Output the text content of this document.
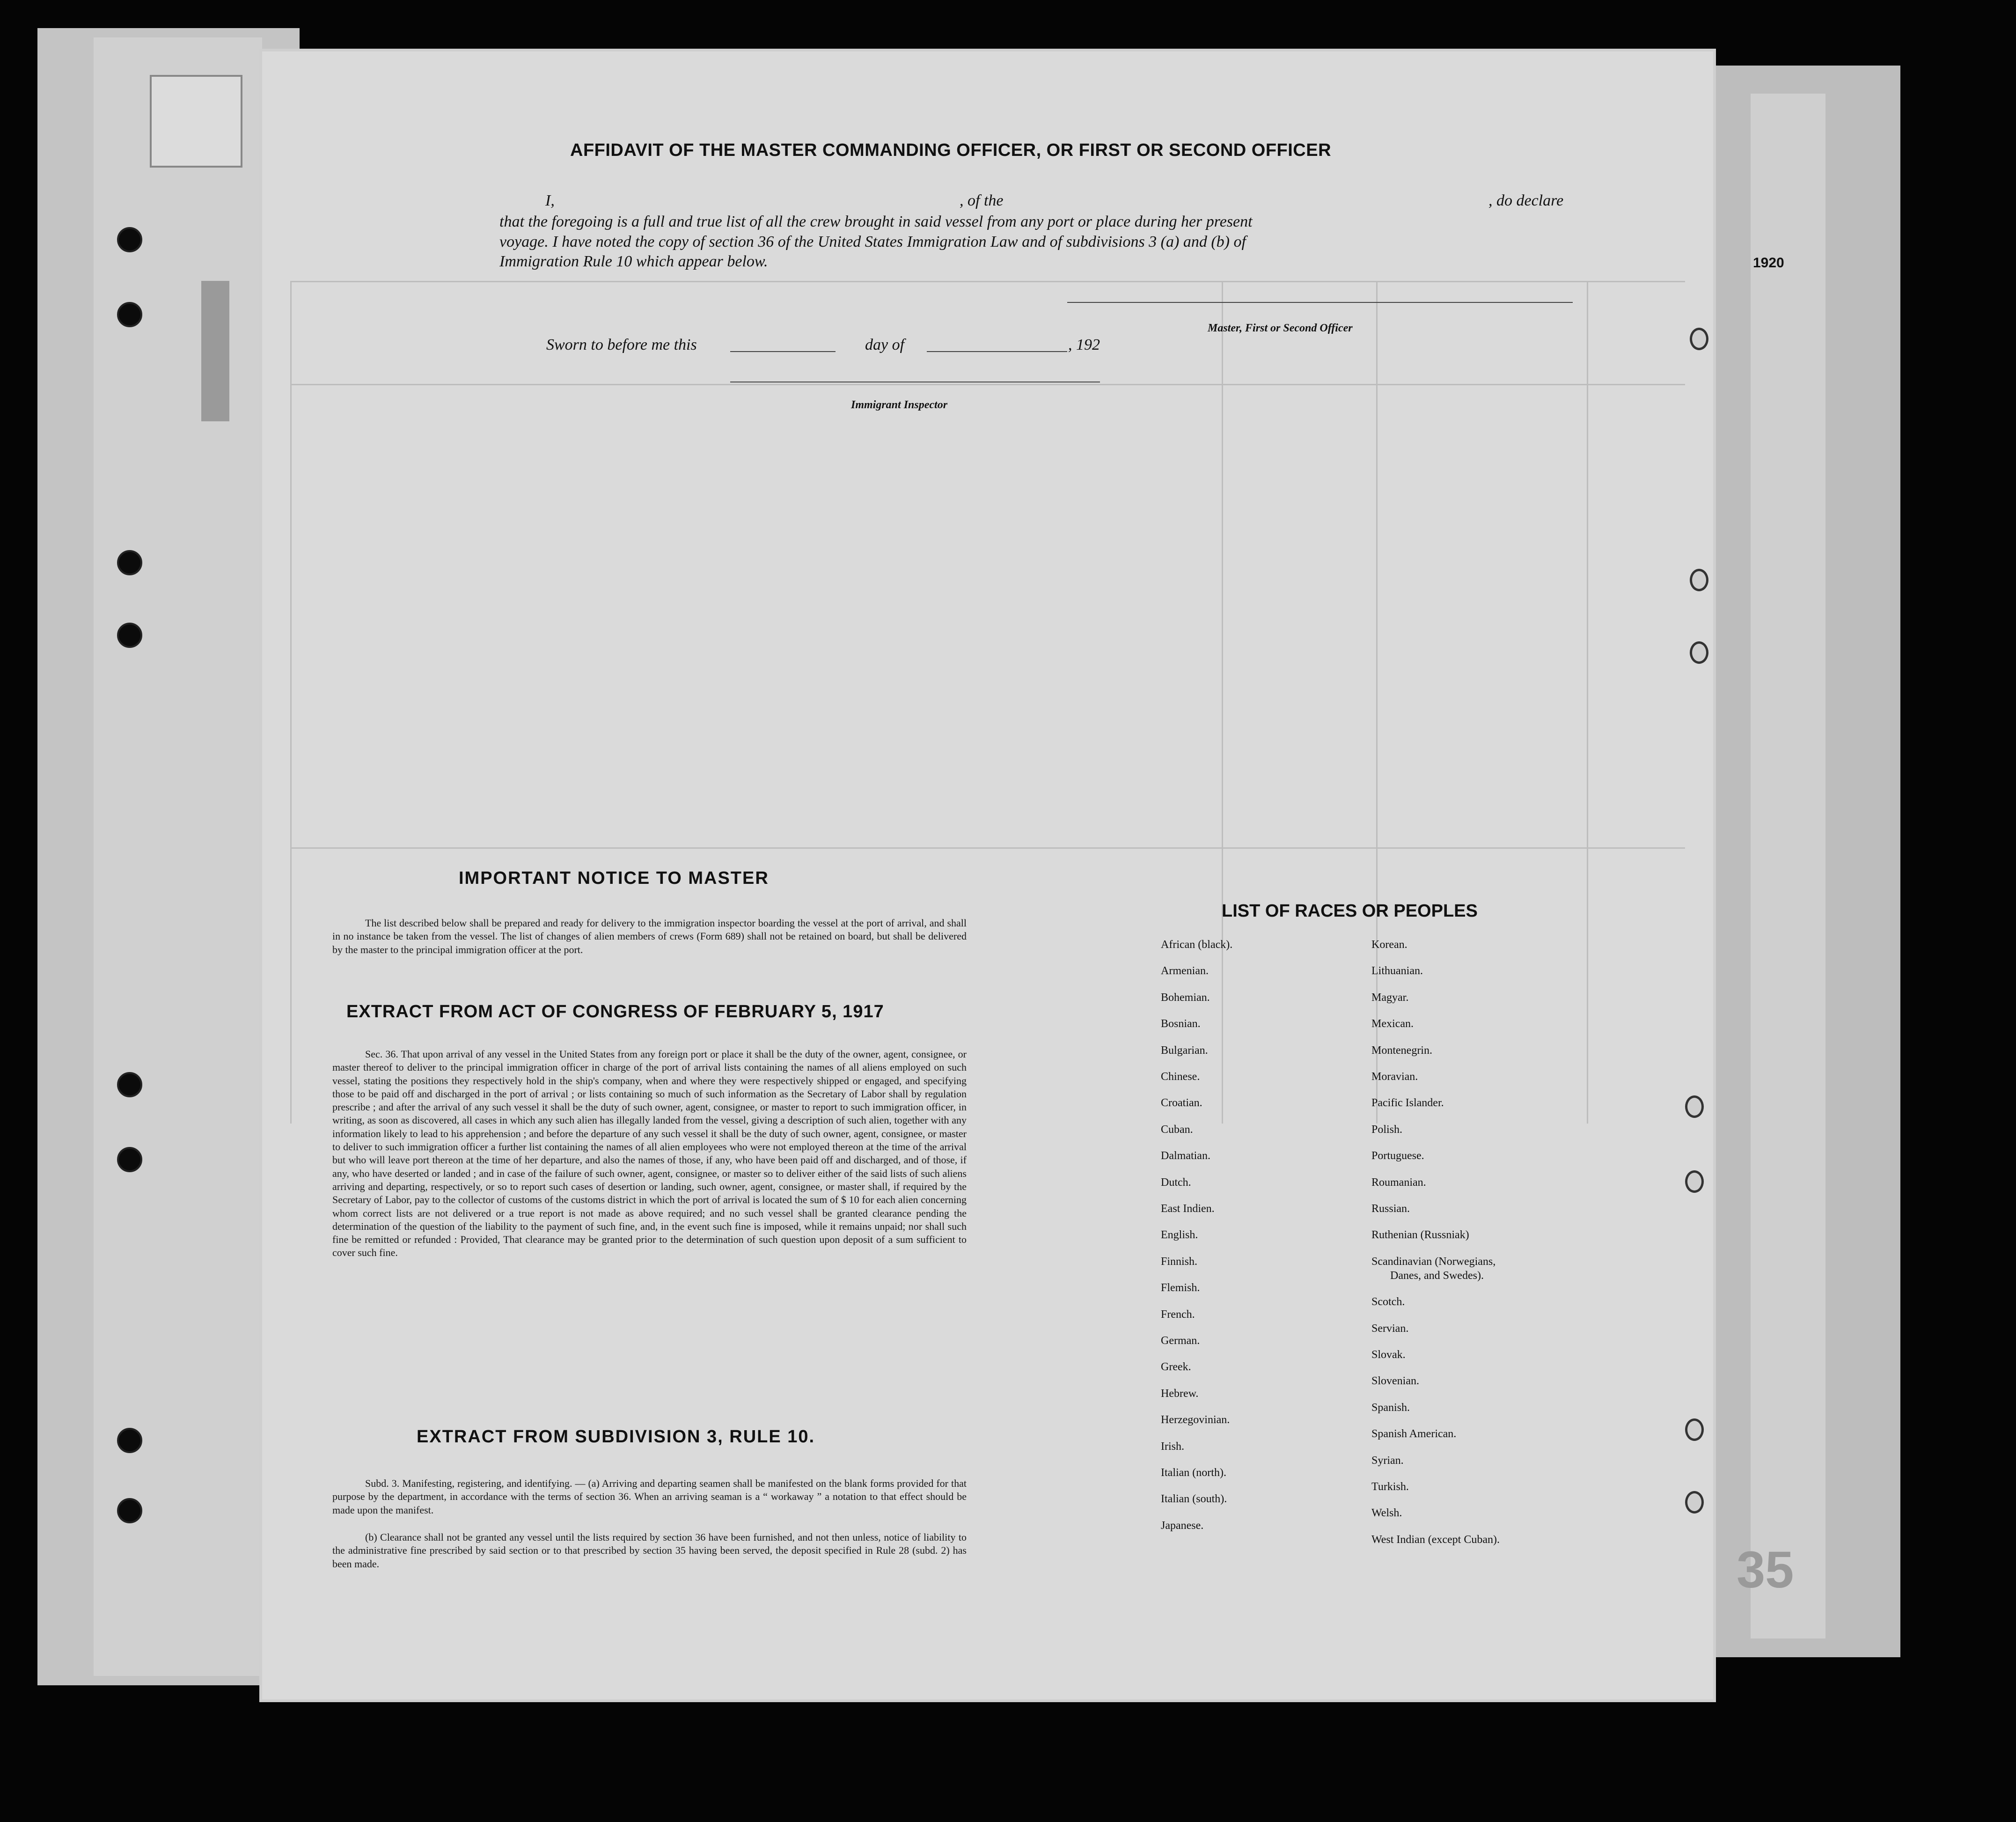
AFFIDAVIT OF THE MASTER COMMANDING OFFICER, OR FIRST OR SECOND OFFICER
I,	, of the	, do declare
that the foregoing is a full and true list of all the crew brought in said vessel from any port or place during her present
voyage. I have noted the copy of section 36 of the United States Immigration Law and of subdivisions 3 (a) and (b) of
Immigration Rule 10 which appear below.
Master, First or Second Officer
Sworn to before me this	day of	, 192
Immigrant Inspector
IMPORTANT NOTICE TO MASTER
The list described below shall be prepared and ready for delivery to the immigration inspector boarding the vessel at the port of arrival, and shall in no instance be taken from the vessel. The list of changes of alien members of crews (Form 689) shall not be retained on board, but shall be delivered by the master to the principal immigration officer at the port.
EXTRACT FROM ACT OF CONGRESS OF FEBRUARY 5, 1917
Sec. 36. That upon arrival of any vessel in the United States from any foreign port or place it shall be the duty of the owner, agent, consignee, or master thereof to deliver to the principal immigration officer in charge of the port of arrival lists containing the names of all aliens employed on such vessel, stating the positions they respectively hold in the ship's company, when and where they were respectively shipped or engaged, and specifying those to be paid off and discharged in the port of arrival ; or lists containing so much of such information as the Secretary of Labor shall by regulation prescribe ; and after the arrival of any such vessel it shall be the duty of such owner, agent, consignee, or master to report to such immigration officer, in writing, as soon as discovered, all cases in which any such alien has illegally landed from the vessel, giving a description of such alien, together with any information likely to lead to his apprehension ; and before the departure of any such vessel it shall be the duty of such owner, agent, consignee, or master to deliver to such immigration officer a further list containing the names of all alien employees who were not employed thereon at the time of the arrival but who will leave port thereon at the time of her departure, and also the names of those, if any, who have been paid off and discharged, and of those, if any, who have deserted or landed ; and in case of the failure of such owner, agent, consignee, or master so to deliver either of the said lists of such aliens arriving and departing, respectively, or so to report such cases of desertion or landing, such owner, agent, consignee, or master shall, if required by the Secretary of Labor, pay to the collector of customs of the customs district in which the port of arrival is located the sum of $ 10 for each alien concerning whom correct lists are not delivered or a true report is not made as above required; and no such vessel shall be granted clearance pending the determination of the question of the liability to the payment of such fine, and, in the event such fine is imposed, while it remains unpaid; nor shall such fine be remitted or refunded : Provided, That clearance may be granted prior to the determination of such question upon deposit of a sum sufficient to cover such fine.
EXTRACT FROM SUBDIVISION 3, RULE 10.
Subd. 3. Manifesting, registering, and identifying. — (a) Arriving and departing seamen shall be manifested on the blank forms provided for that purpose by the department, in accordance with the terms of section 36. When an arriving seaman is a “ workaway ” a notation to that effect should be made upon the manifest.
(b) Clearance shall not be granted any vessel until the lists required by section 36 have been furnished, and not then unless, notice of liability to the administrative fine prescribed by said section or to that prescribed by section 35 having been served, the deposit specified in Rule 28 (subd. 2) has been made.
LIST OF RACES OR PEOPLES
African (black).
Armenian.
Bohemian.
Bosnian.
Bulgarian.
Chinese.
Croatian.
Cuban.
Dalmatian.
Dutch.
East Indien.
English.
Finnish.
Flemish.
French.
German.
Greek.
Hebrew.
Herzegovinian.
Irish.
Italian (north).
Italian (south).
Japanese.
Korean.
Lithuanian.
Magyar.
Mexican.
Montenegrin.
Moravian.
Pacific Islander.
Polish.
Portuguese.
Roumanian.
Russian.
Ruthenian (Russniak)
Scandinavian (Norwegians,
Danes, and Swedes).
Scotch.
Servian.
Slovak.
Slovenian.
Spanish.
Spanish American.
Syrian.
Turkish.
Welsh.
West Indian (except Cuban).
1920
35
